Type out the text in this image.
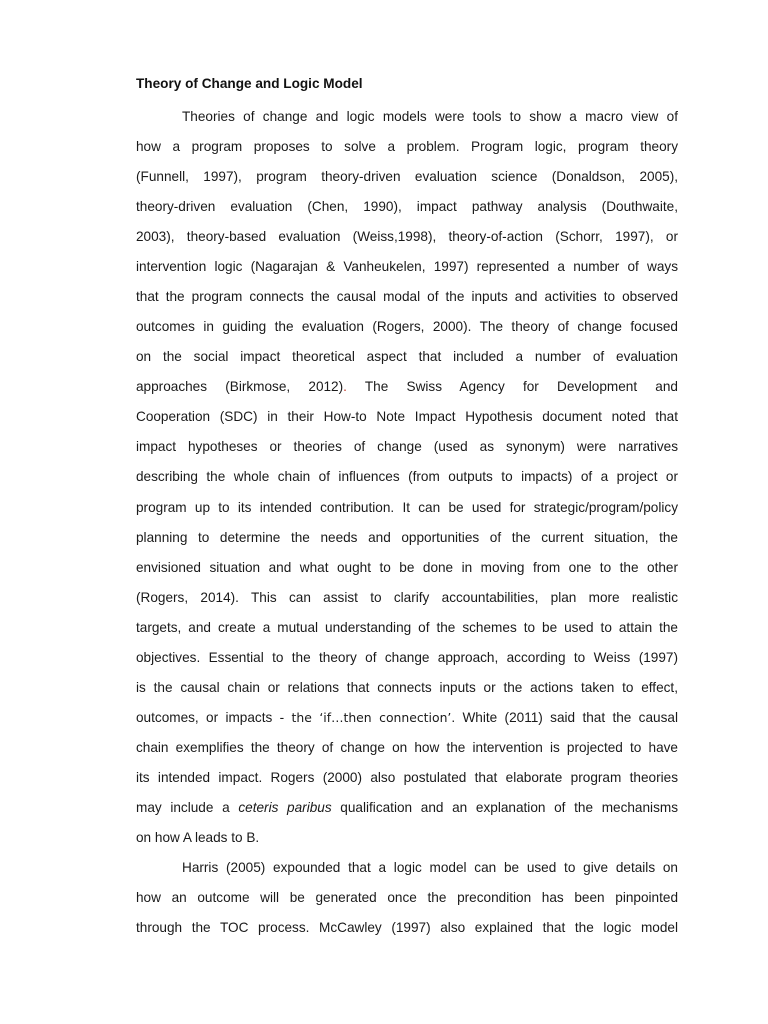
Theory of Change and Logic Model

Theories of change and logic models were tools to show a macro view of

how a program proposes to solve a problem. Program logic, program theory

(Funnell, 1997), program theory-driven evaluation science (Donaldson, 2005),

theory-driven evaluation (Chen, 1990), impact pathway analysis (Douthwaite,

2003), theory-based evaluation (Weiss,1998), theory-of-action (Schorr, 1997), or

intervention logic (Nagarajan & Vanheukelen, 1997) represented a number of ways

that the program connects the causal modal of the inputs and activities to observed

outcomes in guiding the evaluation (Rogers, 2000). The theory of change focused

on the social impact theoretical aspect that included a number of evaluation

approaches (Birkmose, 2012). The Swiss Agency for Development and

Cooperation (SDC) in their How-to Note Impact Hypothesis document noted that

impact hypotheses or theories of change (used as synonym) were narratives

describing the whole chain of influences (from outputs to impacts) of a project or

program up to its intended contribution. It can be used for strategic/program/policy

planning to determine the needs and opportunities of the current situation, the

envisioned situation and what ought to be done in moving from one to the other

(Rogers, 2014). This can assist to clarify accountabilities, plan more realistic

targets, and create a mutual understanding of the schemes to be used to attain the

objectives. Essential to the theory of change approach, according to Weiss (1997)

is the causal chain or relations that connects inputs or the actions taken to effect,

outcomes, or impacts - the ‘if…then connection’. White (2011) said that the causal

chain exemplifies the theory of change on how the intervention is projected to have

its intended impact. Rogers (2000) also postulated that elaborate program theories

may include a ceteris paribus qualification and an explanation of the mechanisms

on how A leads to B.

Harris (2005) expounded that a logic model can be used to give details on

how an outcome will be generated once the precondition has been pinpointed

through the TOC process. McCawley (1997) also explained that the logic model
